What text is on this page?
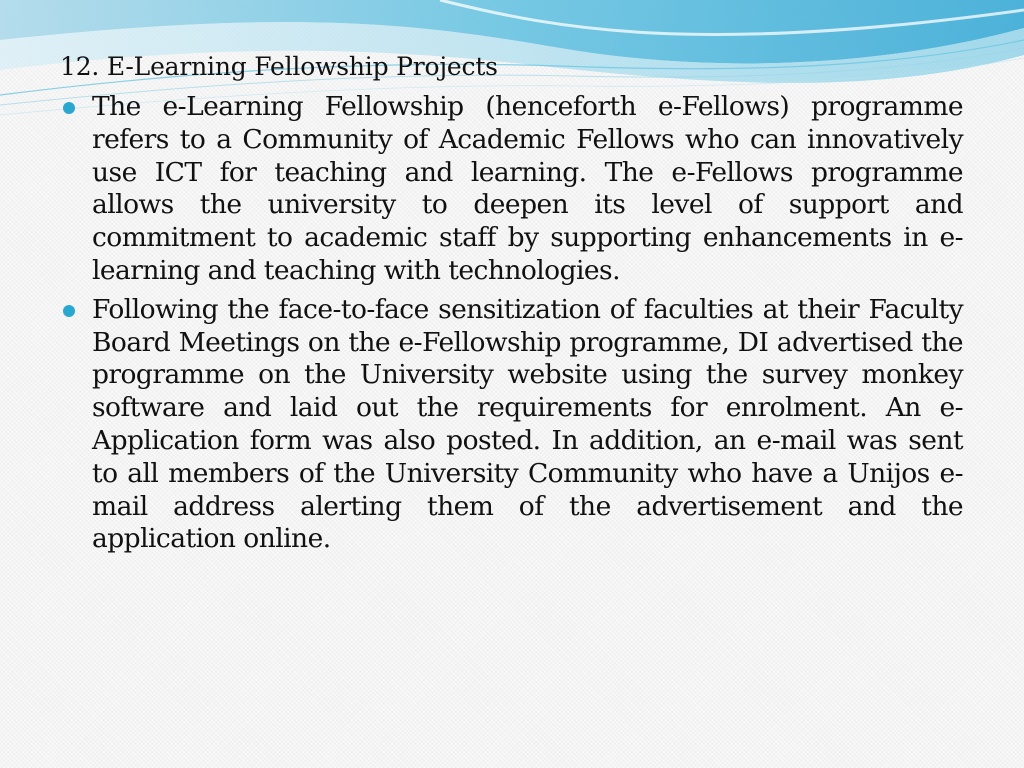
12. E-Learning Fellowship Projects
The e-Learning Fellowship (henceforth e-Fellows) programme refers to a Community of Academic Fellows who can innovatively use ICT for teaching and learning. The e-Fellows programme allows the university to deepen its level of support and commitment to academic staff by supporting enhancements in e-learning and teaching with technologies.
Following the face-to-face sensitization of faculties at their Faculty Board Meetings on the e-Fellowship programme, DI advertised the programme on the University website using the survey monkey software and laid out the requirements for enrolment. An e-Application form was also posted. In addition, an e-mail was sent to all members of the University Community who have a Unijos e-mail address alerting them of the advertisement and the application online.
